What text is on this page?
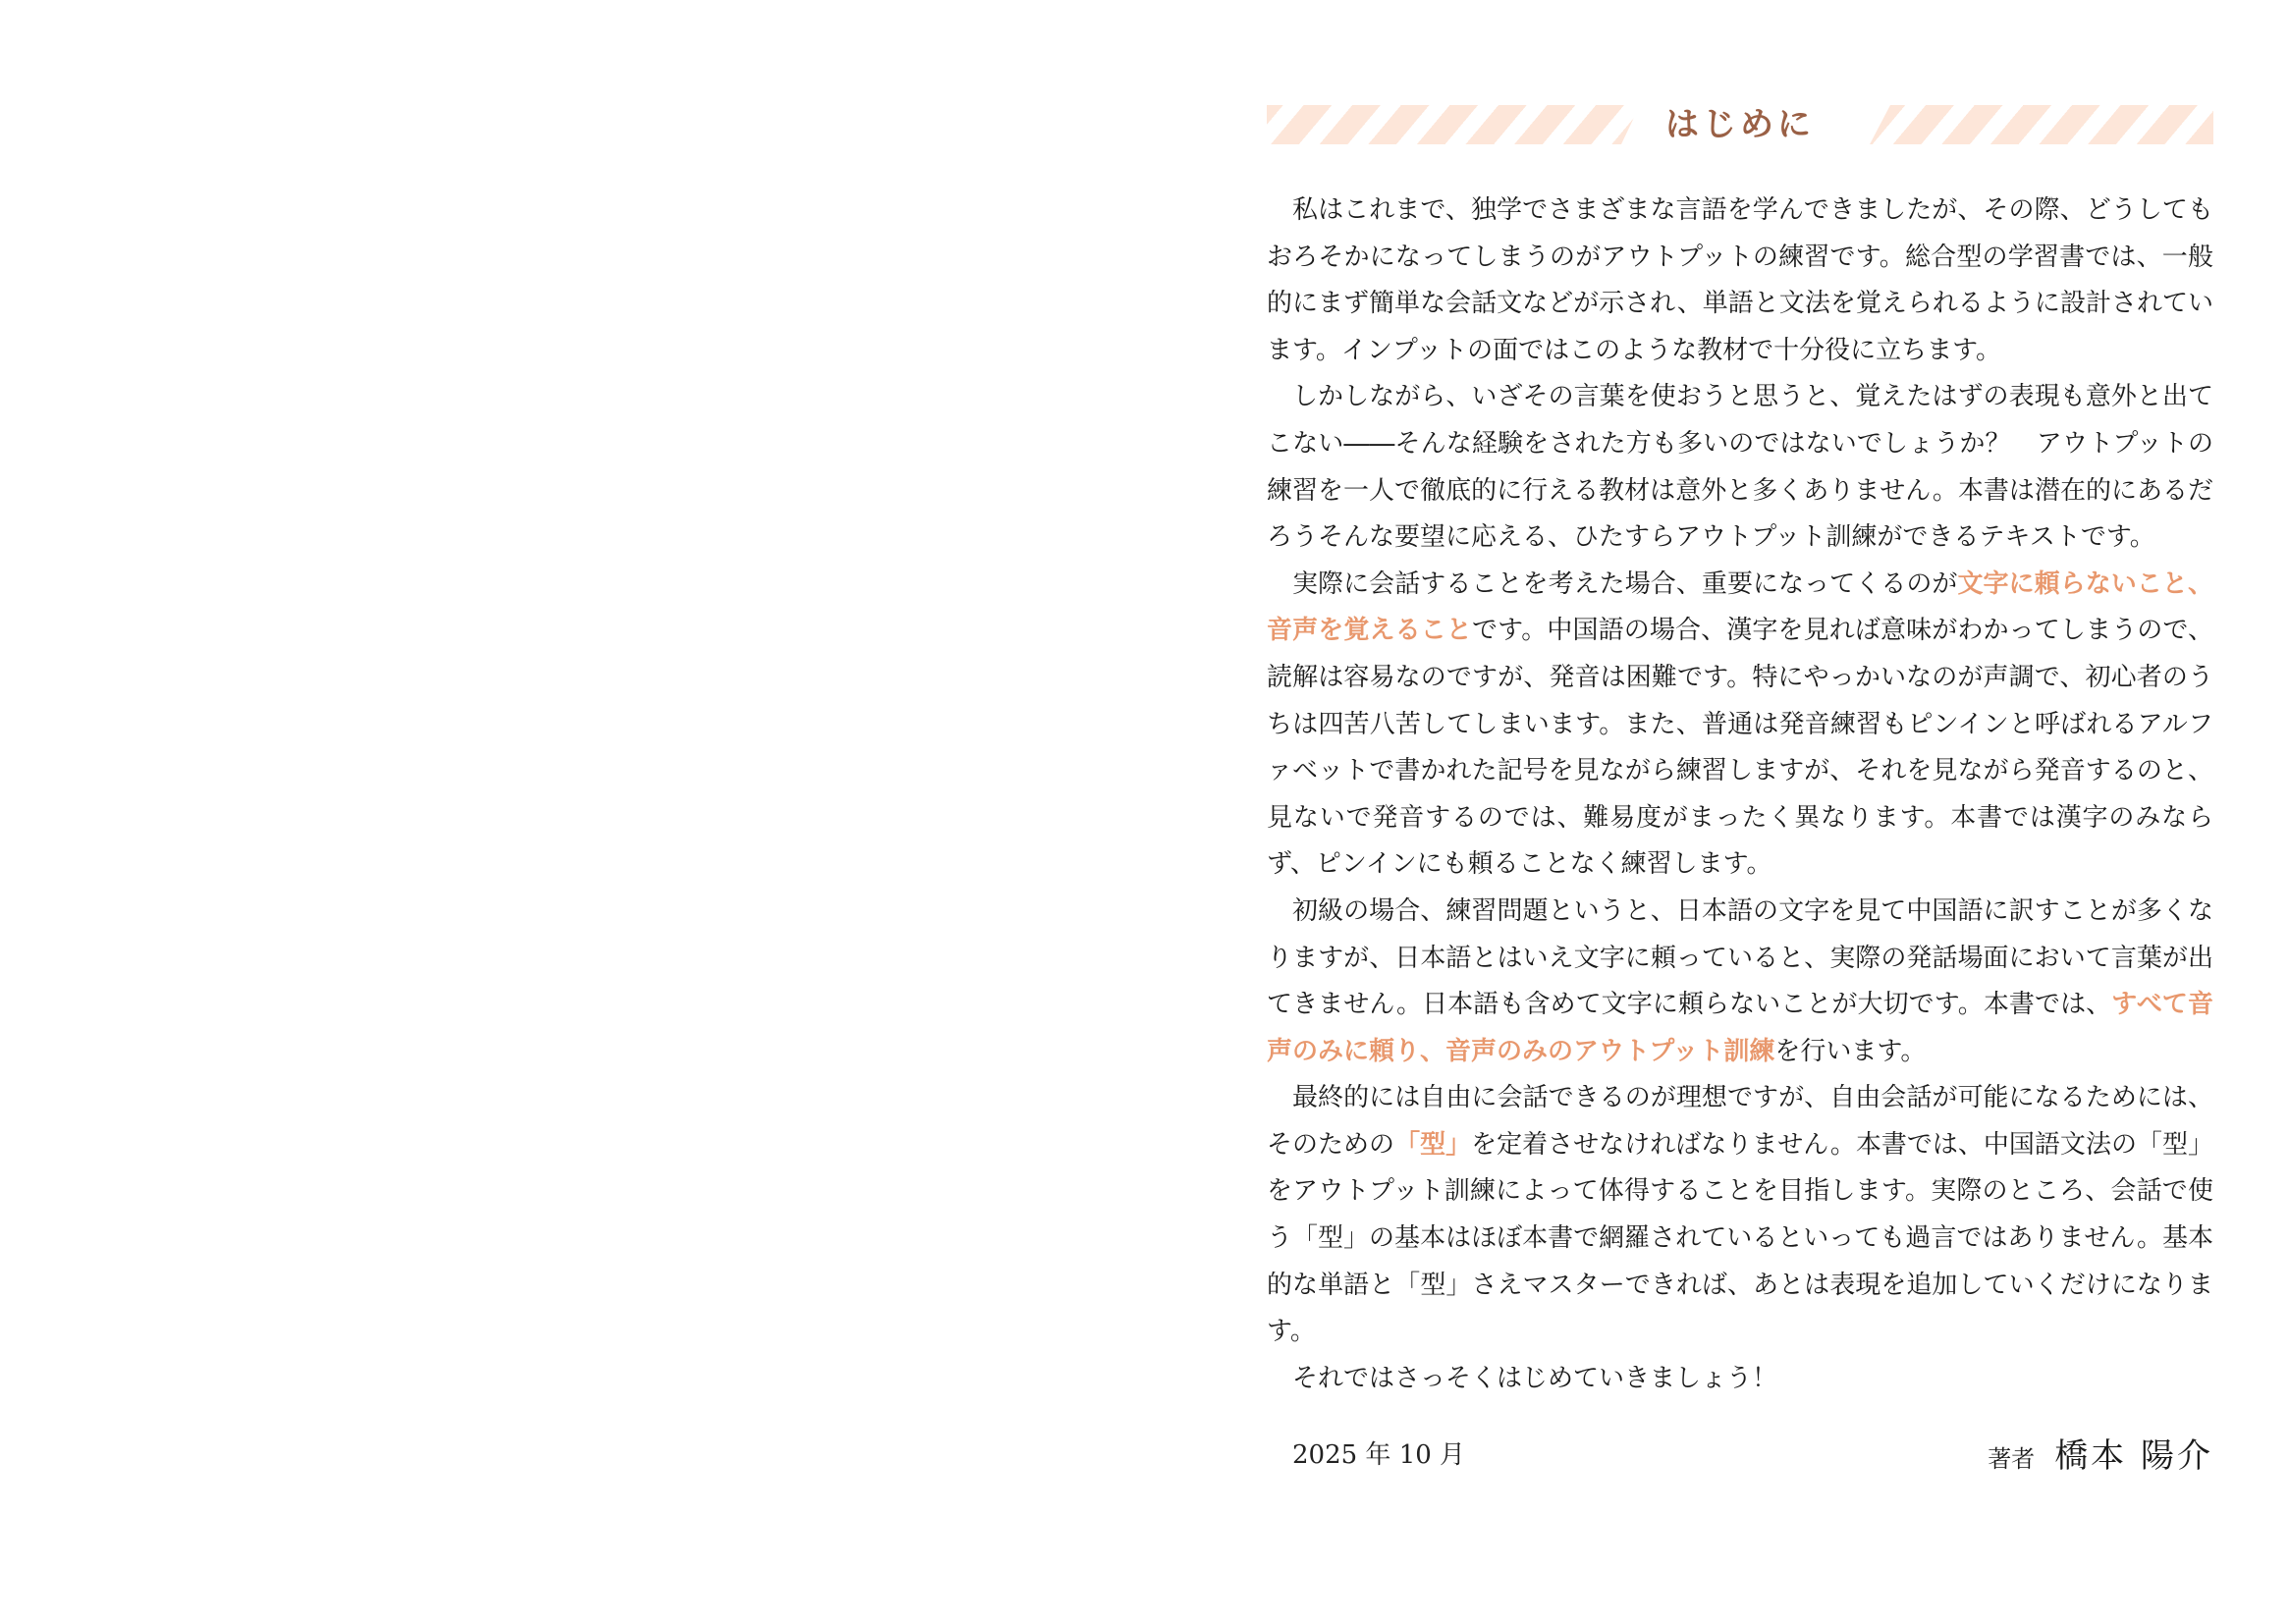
はじめに

私はこれまで、独学でさまざまな言語を学んできましたが、その際、どうしてもおろそかになってしまうのがアウトプットの練習です。総合型の学習書では、一般的にまず簡単な会話文などが示され、単語と文法を覚えられるように設計されています。インプットの面ではこのような教材で十分役に立ちます。

しかしながら、いざその言葉を使おうと思うと、覚えたはずの表現も意外と出てこない――そんな経験をされた方も多いのではないでしょうか？　アウトプットの練習を一人で徹底的に行える教材は意外と多くありません。本書は潜在的にあるだろうそんな要望に応える、ひたすらアウトプット訓練ができるテキストです。

実際に会話することを考えた場合、重要になってくるのが文字に頼らないこと、音声を覚えることです。中国語の場合、漢字を見れば意味がわかってしまうので、読解は容易なのですが、発音は困難です。特にやっかいなのが声調で、初心者のうちは四苦八苦してしまいます。また、普通は発音練習もピンインと呼ばれるアルファベットで書かれた記号を見ながら練習しますが、それを見ながら発音するのと、見ないで発音するのでは、難易度がまったく異なります。本書では漢字のみならず、ピンインにも頼ることなく練習します。

初級の場合、練習問題というと、日本語の文字を見て中国語に訳すことが多くなりますが、日本語とはいえ文字に頼っていると、実際の発話場面において言葉が出てきません。日本語も含めて文字に頼らないことが大切です。本書では、すべて音声のみに頼り、音声のみのアウトプット訓練を行います。

最終的には自由に会話できるのが理想ですが、自由会話が可能になるためには、そのための「型」を定着させなければなりません。本書では、中国語文法の「型」をアウトプット訓練によって体得することを目指します。実際のところ、会話で使う「型」の基本はほぼ本書で網羅されているといっても過言ではありません。基本的な単語と「型」さえマスターできれば、あとは表現を追加していくだけになります。

それではさっそくはじめていきましょう！

2025 年 10 月	著者 橋本 陽介
